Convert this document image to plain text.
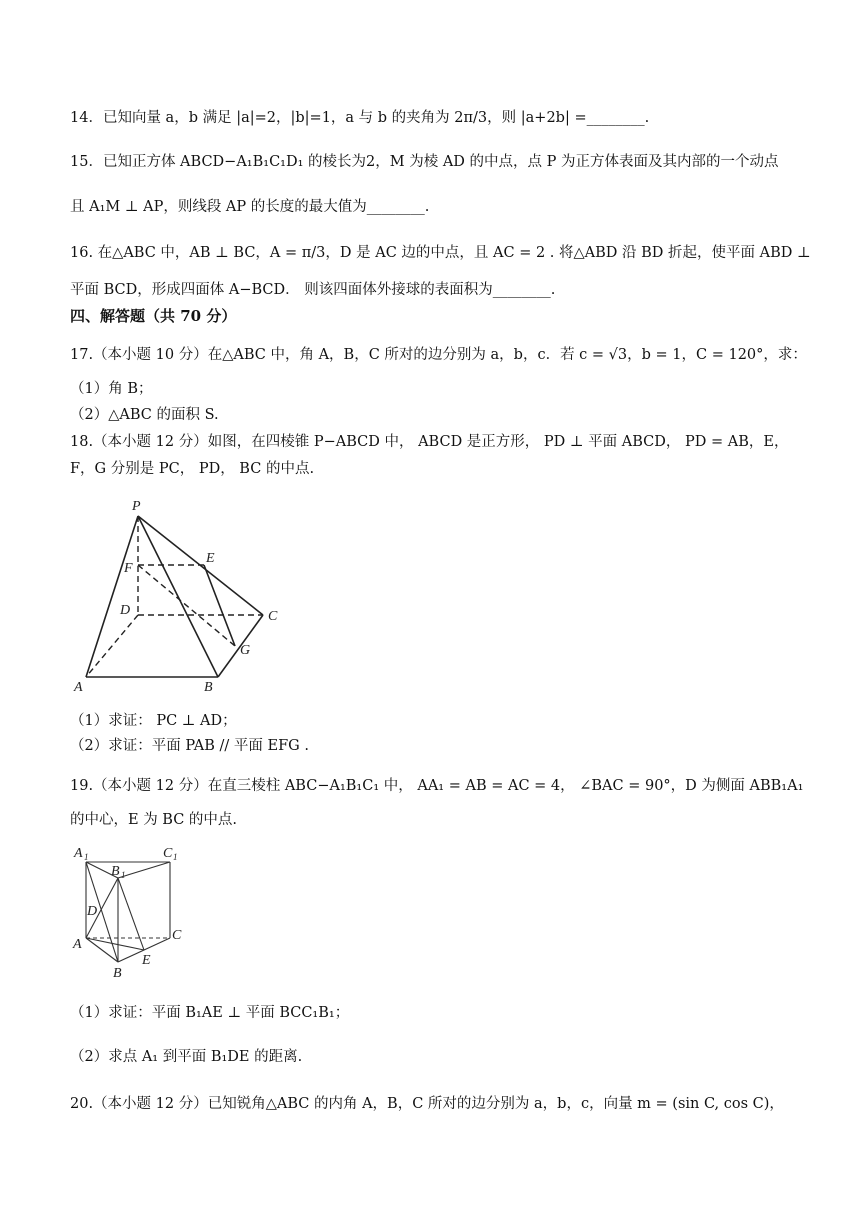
14．已知向量 a，b 满足 |a|=2，|b|=1，a 与 b 的夹角为 2π/3，则 |a+2b| =________.
15．已知正方体 ABCD−A₁B₁C₁D₁ 的棱长为2，M 为棱 AD 的中点，点 P 为正方体表面及其内部的一个动点
且 A₁M ⊥ AP，则线段 AP 的长度的最大值为________.
16. 在△ABC 中，AB ⊥ BC，A = π/3，D 是 AC 边的中点，且 AC = 2 . 将△ABD 沿 BD 折起，使平面 ABD ⊥
平面 BCD，形成四面体 A−BCD． 则该四面体外接球的表面积为________.
四、解答题（共 70 分）
17.（本小题 10 分）在△ABC 中，角 A，B，C 所对的边分别为 a，b，c．若 c = √3，b = 1，C = 120°，求：
（1）角 B；
（2）△ABC 的面积 S.
18.（本小题 12 分）如图，在四棱锥 P−ABCD 中， ABCD 是正方形， PD ⊥ 平面 ABCD， PD = AB，E，
F，G 分别是 PC， PD， BC 的中点.
P
E
F
D	C
G
A	B
（1）求证： PC ⊥ AD；
（2）求证：平面 PAB // 平面 EFG .
19.（本小题 12 分）在直三棱柱 ABC−A₁B₁C₁ 中， AA₁ = AB = AC = 4， ∠BAC = 90°，D 为侧面 ABB₁A₁
的中心，E 为 BC 的中点.
A 1	C 1
B 1
D
A
C
B
E
（1）求证：平面 B₁AE ⊥ 平面 BCC₁B₁；
（2）求点 A₁ 到平面 B₁DE 的距离.
20.（本小题 12 分）已知锐角△ABC 的内角 A，B，C 所对的边分别为 a，b，c，向量 m = (sin C, cos C)，
